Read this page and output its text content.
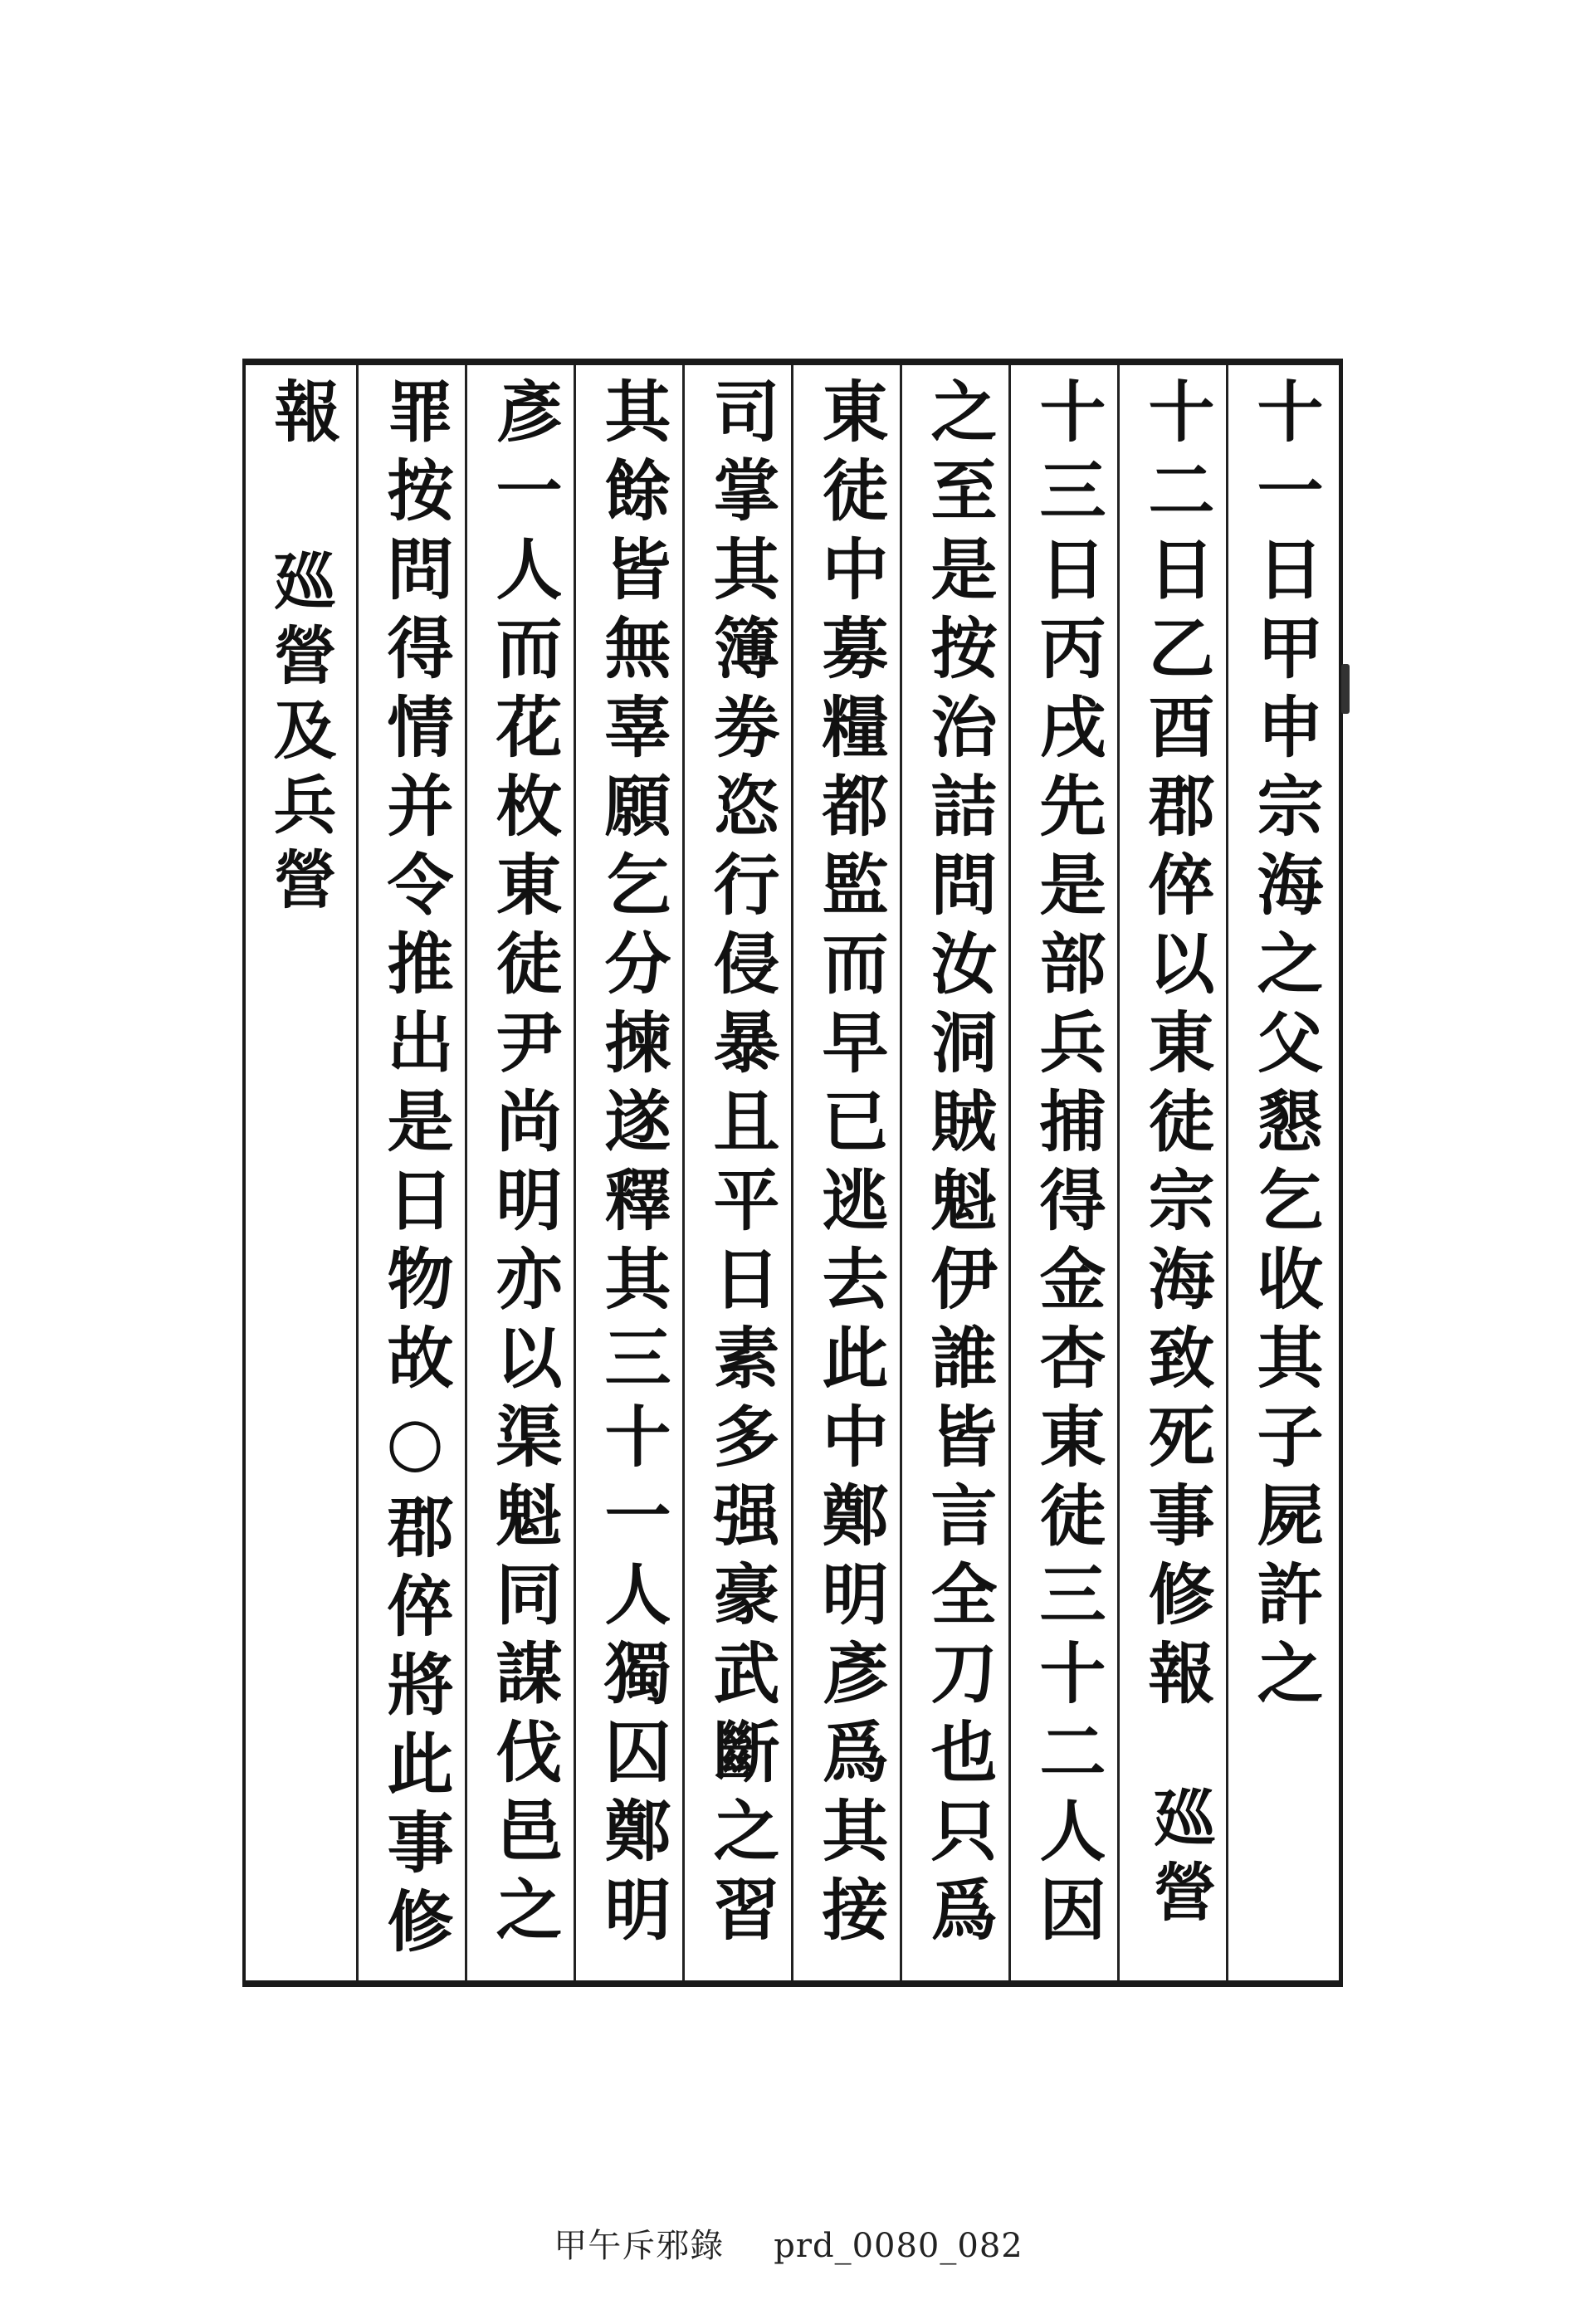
十一日甲申宗海之父懇乞收其子屍許之
十二日乙酉郡倅以東徒宗海致死事修報
十三日丙戌先是部兵捕得金杏東徒三十二人因
之至是按治詰問汝洞賊魁伊誰皆言全刀也只爲
東徒中募糧都監而早已逃去此中鄭明彥爲其接
司掌其簿劵恣行侵暴且平日素多强豪武斷之習
其餘皆無辜願乞分揀遂釋其三十一人獨囚鄭明
彥一人而花枚東徒尹尚明亦以渠魁同謀伐邑之
罪按問得情并令推出是日物故○郡倅將此事修
報
廵營
廵營及兵營
甲午斥邪錄 prd_0080_082
